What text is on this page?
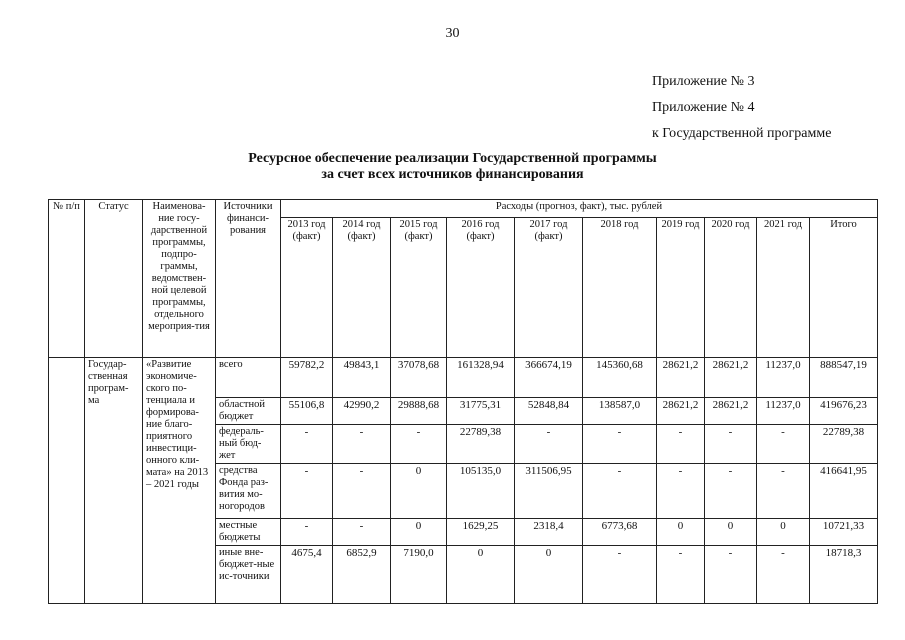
30
Приложение № 3
Приложение № 4
к Государственной программе
Ресурсное обеспечение реализации Государственной программы
за счет всех источников финансирования
№ п/п	Статус	Наименова-ние госу-дарственной программы, подпро-граммы, ведомствен-ной целевой программы, отдельного мероприя-тия	Источники финанси-рования	Расходы (прогноз, факт), тыс. рублей									
				2013 год (факт)	2014 год (факт)	2015 год (факт)	2016 год (факт)	2017 год (факт)	2018 год	2019 год	2020 год	2021 год	Итого
	Государ-ственная програм-ма	«Развитие экономиче-ского по-тенциала и формирова-ние благо-приятного инвестици-онного кли-мата» на 2013 – 2021 годы	всего	59782,2	49843,1	37078,68	161328,94	366674,19	145360,68	28621,2	28621,2	11237,0	888547,19
			областной бюджет	55106,8	42990,2	29888,68	31775,31	52848,84	138587,0	28621,2	28621,2	11237,0	419676,23
			федераль-ный бюд-жет	-	-	-	22789,38	-	-	-	-	-	22789,38
			средства Фонда раз-вития мо-ногородов	-	-	0	105135,0	311506,95	-	-	-	-	416641,95
			местные бюджеты	-	-	0	1629,25	2318,4	6773,68	0	0	0	10721,33
			иные вне-бюджет-ные ис-точники	4675,4	6852,9	7190,0	0	0	-	-	-	-	18718,3
